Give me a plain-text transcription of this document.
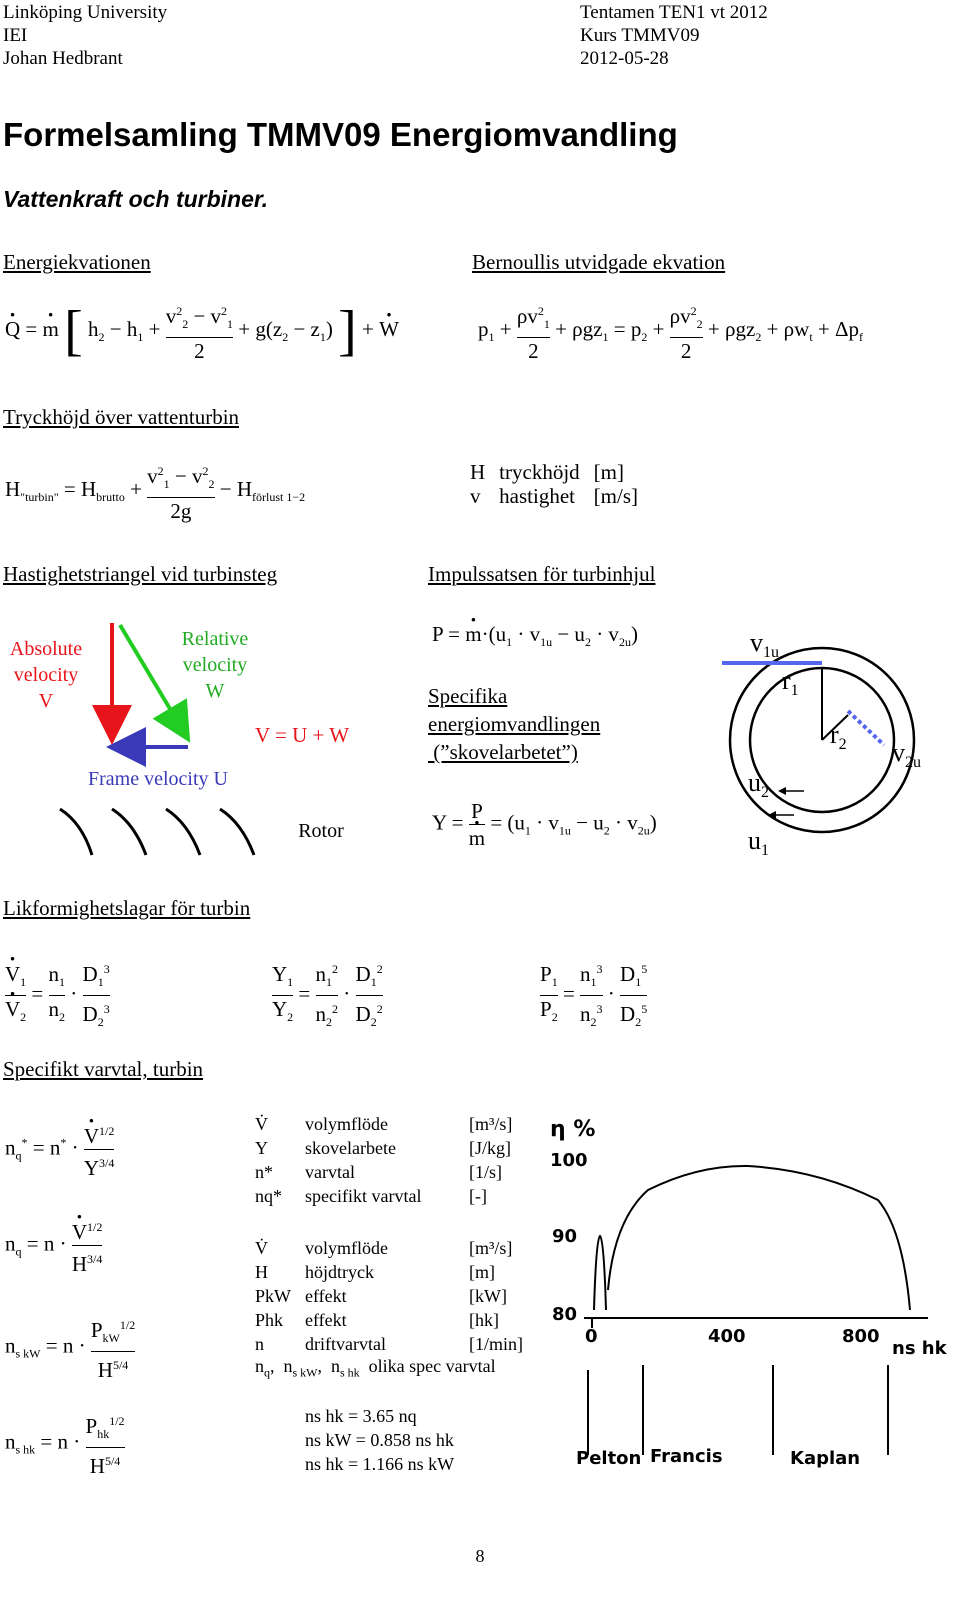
Linköping University
IEI
Johan Hedbrant
Tentamen TEN1 vt 2012
Kurs TMMV09
2012-05-28
Formelsamling TMMV09 Energiomvandling
Vattenkraft och turbiner.
Energiekvationen	Bernoullis utvidgade ekvation
Tryckhöjd över vattenturbin
Hastighetstriangel vid turbinsteg	Impulssatsen för turbinhjul
Likformighetslagar för turbin
Specifikt varvtal, turbin
· Q = · m [ $h_2 - h_1 + \frac{v^2_2 - v^2_1}{2} + g(z_2 - z_1)$ ] + · W	$p_1 + \frac{\rho v^2_1}{2} + \rho gz_1 = p_2 + \frac{\rho v^2_2}{2} + \rho gz_2 + \rho w_t + \Delta p_f$
$H_{"turbin"} = H_{brutto} + \frac{v^2_1 - v^2_2}{2g} - H_{förlust 1-2}$
H	tryckhöjd	[m]
v	hastighet	[m/s]
Absolute
velocity
V
Relative
velocity
W
Frame velocity U
V = U + W
Rotor
P = · $m\cdot(u_1 \cdot v_{1u} - u_2 \cdot v_{2u})$
Specifika
energiomvandlingen
(”skovelarbetet”)
Y = P
· $m = (u_1 \cdot v_{1u} - u_2 \cdot v_{2u})$
$v_{1u}$
$r_1$
$r_2$ $v_{2u}$
$u_2$
$u_1$
· $V_1$
· $V_2 = \frac{n_1}{n_2} \cdot \frac{D_1^3}{D_2^3}$	$\frac{Y_1}{Y_2} = \frac{n_1^2}{n_2^2} \cdot \frac{D_1^2}{D_2^2}$	$\frac{P_1}{P_2} = \frac{n_1^3}{n_2^3} \cdot \frac{D_1^5}{D_2^5}$
$n_q^* = n^*$ · · $\frac{V^{1/2}}{Y^{3/4}}$
$n_q = n$ · · $\frac{V^{1/2}}{H^{3/4}}$
$n_{s kW} = n \cdot \frac{P_{kW}^{1/2}}{H^{5/4}}$
$n_{s hk} = n \cdot \frac{P_{hk}^{1/2}}{H^{5/4}}$
V̇	volymflöde	[m³/s]
Y	skovelarbete	[J/kg]
n*	varvtal	[1/s]
nq*	specifikt varvtal	[-]
V̇	volymflöde	[m³/s]
H	höjdtryck	[m]
PkW	effekt	[kW]
Phk	effekt	[hk]
n	driftvarvtal	[1/min]
$n_q$,  $n_{s kW}$,  $n_{s hk}$ olika spec varvtal
ns hk = 3.65 nq
ns kW = 0.858 ns hk
ns hk = 1.166 ns kW
η %
100
90
80
0	400	800
ns hk
Pelton Francis	Kaplan
8
